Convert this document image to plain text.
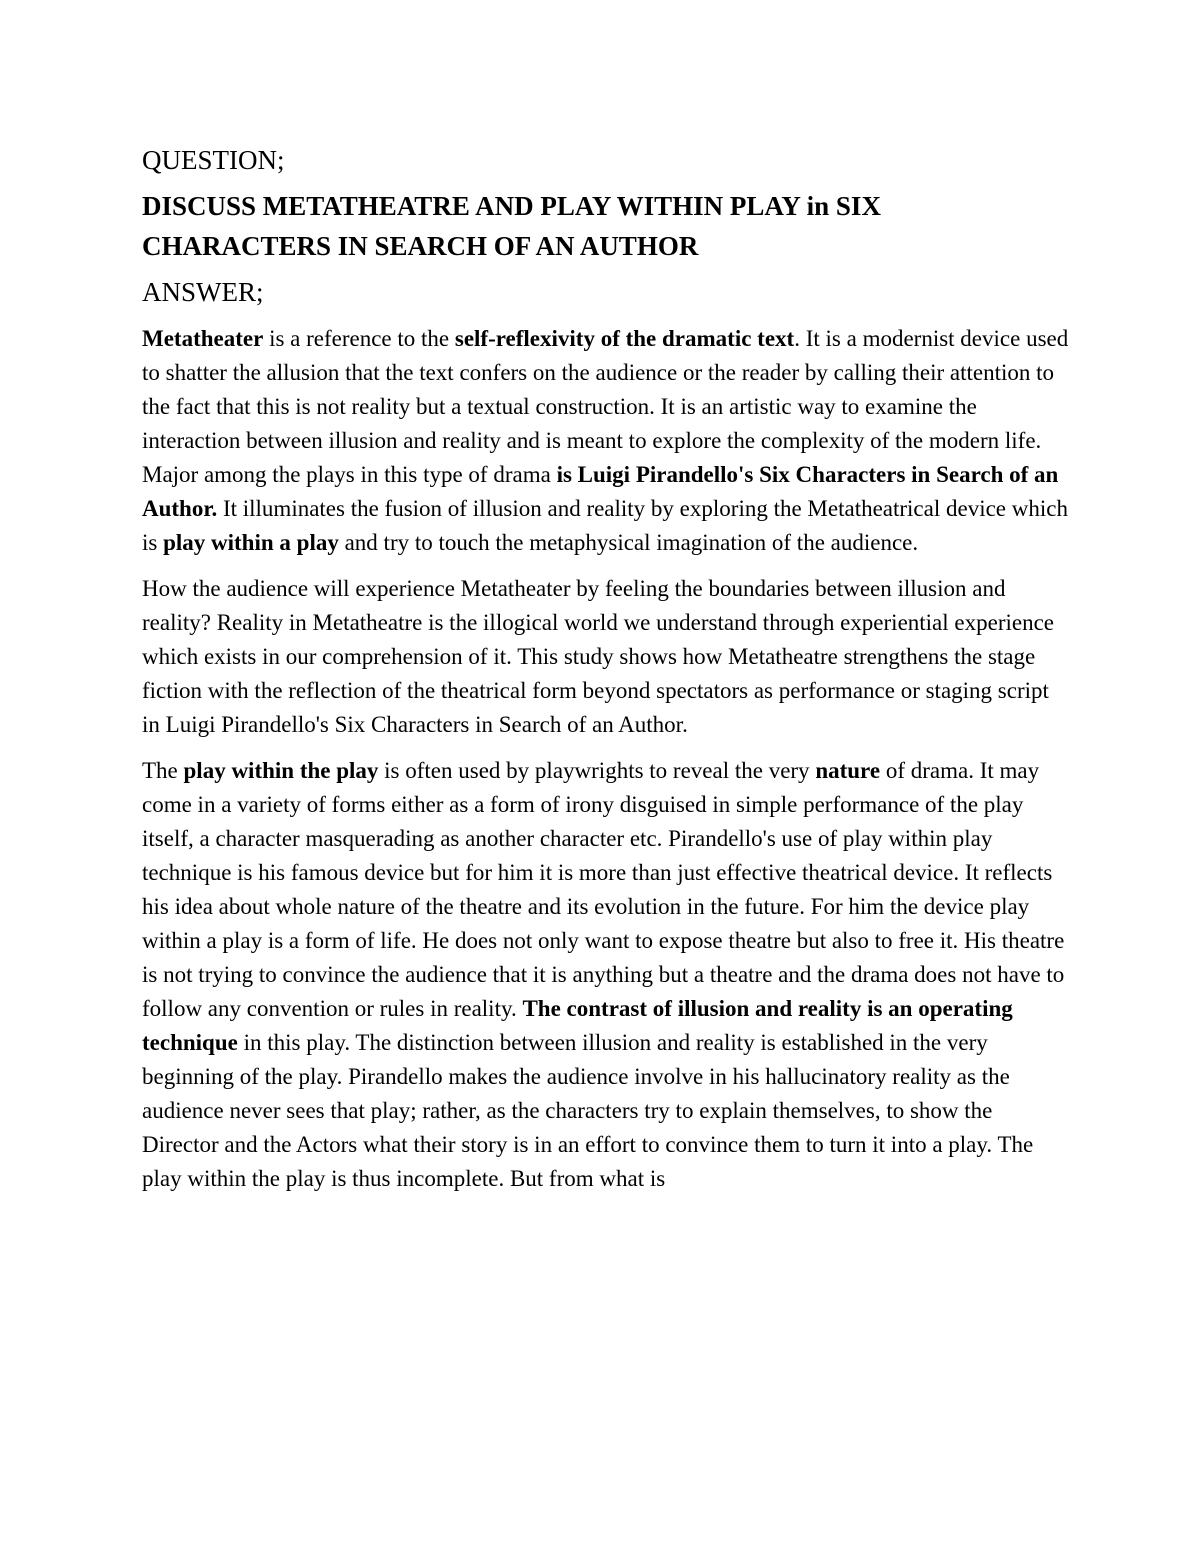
QUESTION;

DISCUSS METATHEATRE AND PLAY WITHIN PLAY in SIX CHARACTERS IN SEARCH OF AN AUTHOR

ANSWER;

Metatheater is a reference to the self-reflexivity of the dramatic text. It is a modernist device used to shatter the allusion that the text confers on the audience or the reader by calling their attention to the fact that this is not reality but a textual construction. It is an artistic way to examine the interaction between illusion and reality and is meant to explore the complexity of the modern life. Major among the plays in this type of drama is Luigi Pirandello's Six Characters in Search of an Author. It illuminates the fusion of illusion and reality by exploring the Metatheatrical device which is play within a play and try to touch the metaphysical imagination of the audience.

How the audience will experience Metatheater by feeling the boundaries between illusion and reality? Reality in Metatheatre is the illogical world we understand through experiential experience which exists in our comprehension of it. This study shows how Metatheatre strengthens the stage fiction with the reflection of the theatrical form beyond spectators as performance or staging script in Luigi Pirandello's Six Characters in Search of an Author.

The play within the play is often used by playwrights to reveal the very nature of drama. It may come in a variety of forms either as a form of irony disguised in simple performance of the play itself, a character masquerading as another character etc. Pirandello's use of play within play technique is his famous device but for him it is more than just effective theatrical device. It reflects his idea about whole nature of the theatre and its evolution in the future. For him the device play within a play is a form of life. He does not only want to expose theatre but also to free it. His theatre is not trying to convince the audience that it is anything but a theatre and the drama does not have to follow any convention or rules in reality. The contrast of illusion and reality is an operating technique in this play. The distinction between illusion and reality is established in the very beginning of the play. Pirandello makes the audience involve in his hallucinatory reality as the audience never sees that play; rather, as the characters try to explain themselves, to show the Director and the Actors what their story is in an effort to convince them to turn it into a play. The play within the play is thus incomplete. But from what is
